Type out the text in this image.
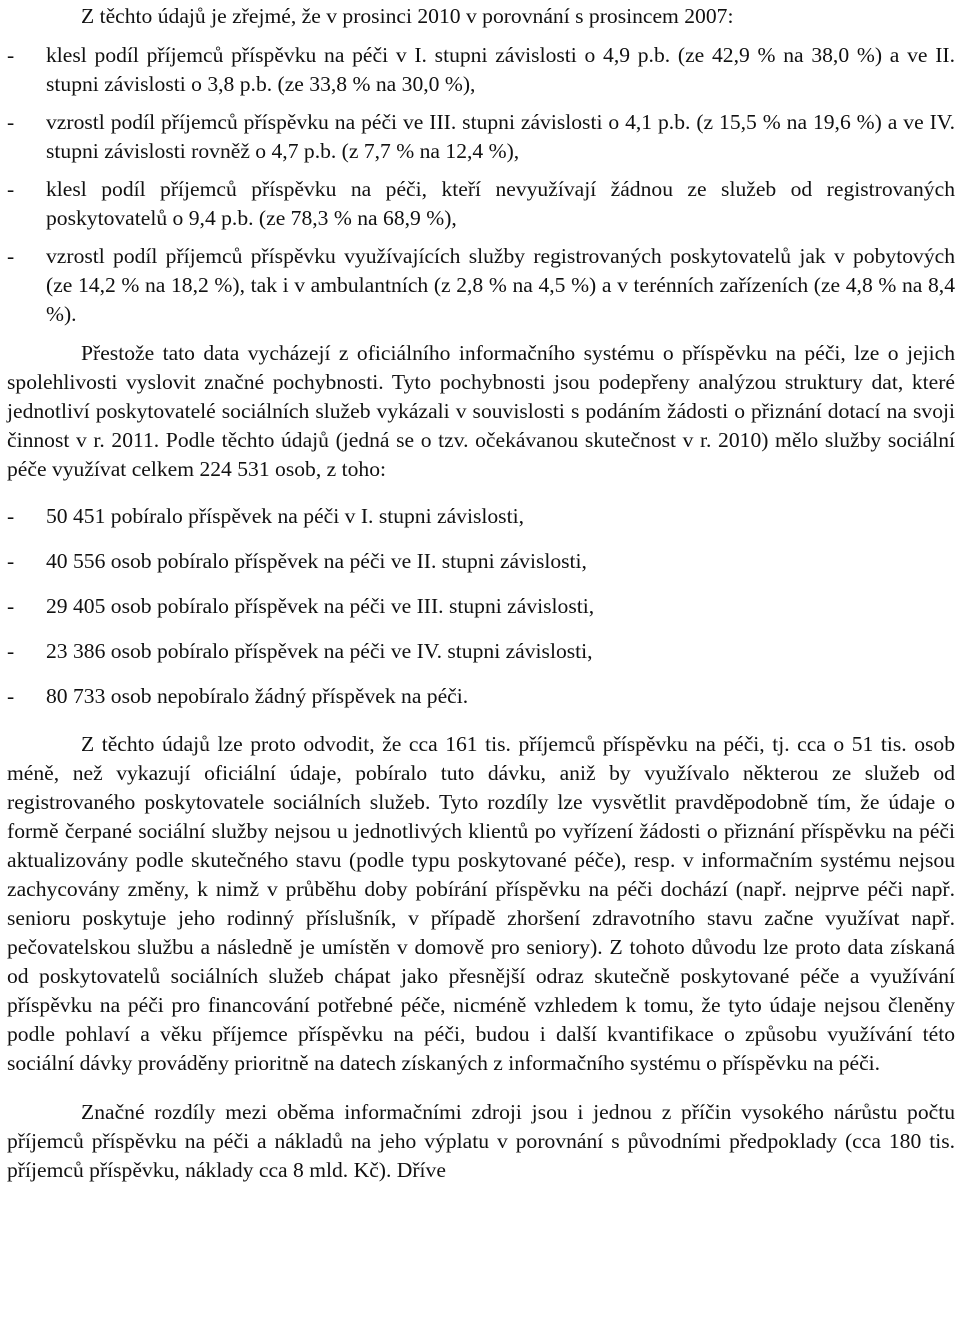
Z těchto údajů je zřejmé, že v prosinci 2010 v porovnání s prosincem 2007:

-	klesl podíl příjemců příspěvku na péči v I. stupni závislosti o 4,9 p.b. (ze 42,9 % na 38,0 %) a ve II. stupni závislosti o 3,8 p.b. (ze 33,8 % na 30,0 %),
-	vzrostl podíl příjemců příspěvku na péči ve III. stupni závislosti o 4,1 p.b. (z 15,5 % na 19,6 %) a ve IV. stupni závislosti rovněž o 4,7 p.b. (z 7,7 % na 12,4 %),
-	klesl podíl příjemců příspěvku na péči, kteří nevyužívají žádnou ze služeb od registrovaných poskytovatelů o 9,4 p.b. (ze 78,3 % na 68,9 %),
-	vzrostl podíl příjemců příspěvku využívajících služby registrovaných poskytovatelů jak v pobytových (ze 14,2 % na 18,2 %), tak i v ambulantních (z 2,8 % na 4,5 %) a v terénních zařízeních (ze 4,8 % na 8,4 %).

Přestože tato data vycházejí z oficiálního informačního systému o příspěvku na péči, lze o jejich spolehlivosti vyslovit značné pochybnosti. Tyto pochybnosti jsou podepřeny analýzou struktury dat, které jednotliví poskytovatelé sociálních služeb vykázali v souvislosti s podáním žádosti o přiznání dotací na svoji činnost v r. 2011. Podle těchto údajů (jedná se o tzv. očekávanou skutečnost v r. 2010) mělo služby sociální péče využívat celkem 224 531 osob, z toho:

-	50 451 pobíralo příspěvek na péči v I. stupni závislosti,
-	40 556 osob pobíralo příspěvek na péči ve II. stupni závislosti,
-	29 405 osob pobíralo příspěvek na péči ve III. stupni závislosti,
-	23 386 osob pobíralo příspěvek na péči ve IV. stupni závislosti,
-	80 733 osob nepobíralo žádný příspěvek na péči.

Z těchto údajů lze proto odvodit, že cca 161 tis. příjemců příspěvku na péči, tj. cca o 51 tis. osob méně, než vykazují oficiální údaje, pobíralo tuto dávku, aniž by využívalo některou ze služeb od registrovaného poskytovatele sociálních služeb. Tyto rozdíly lze vysvětlit pravděpodobně tím, že údaje o formě čerpané sociální služby nejsou u jednotlivých klientů po vyřízení žádosti o přiznání příspěvku na péči aktualizovány podle skutečného stavu (podle typu poskytované péče), resp. v informačním systému nejsou zachycovány změny, k nimž v průběhu doby pobírání příspěvku na péči dochází (např. nejprve péči např. senioru poskytuje jeho rodinný příslušník, v případě zhoršení zdravotního stavu začne využívat např. pečovatelskou službu a následně je umístěn v domově pro seniory). Z tohoto důvodu lze proto data získaná od poskytovatelů sociálních služeb chápat jako přesnější odraz skutečně poskytované péče a využívání příspěvku na péči pro financování potřebné péče, nicméně vzhledem k tomu, že tyto údaje nejsou členěny podle pohlaví a věku příjemce příspěvku na péči, budou i další kvantifikace o způsobu využívání této sociální dávky prováděny prioritně na datech získaných z informačního systému o příspěvku na péči.

Značné rozdíly mezi oběma informačními zdroji jsou i jednou z příčin vysokého nárůstu počtu příjemců příspěvku na péči a nákladů na jeho výplatu v porovnání s původními předpoklady (cca 180 tis. příjemců příspěvku, náklady cca 8 mld. Kč). Dříve
